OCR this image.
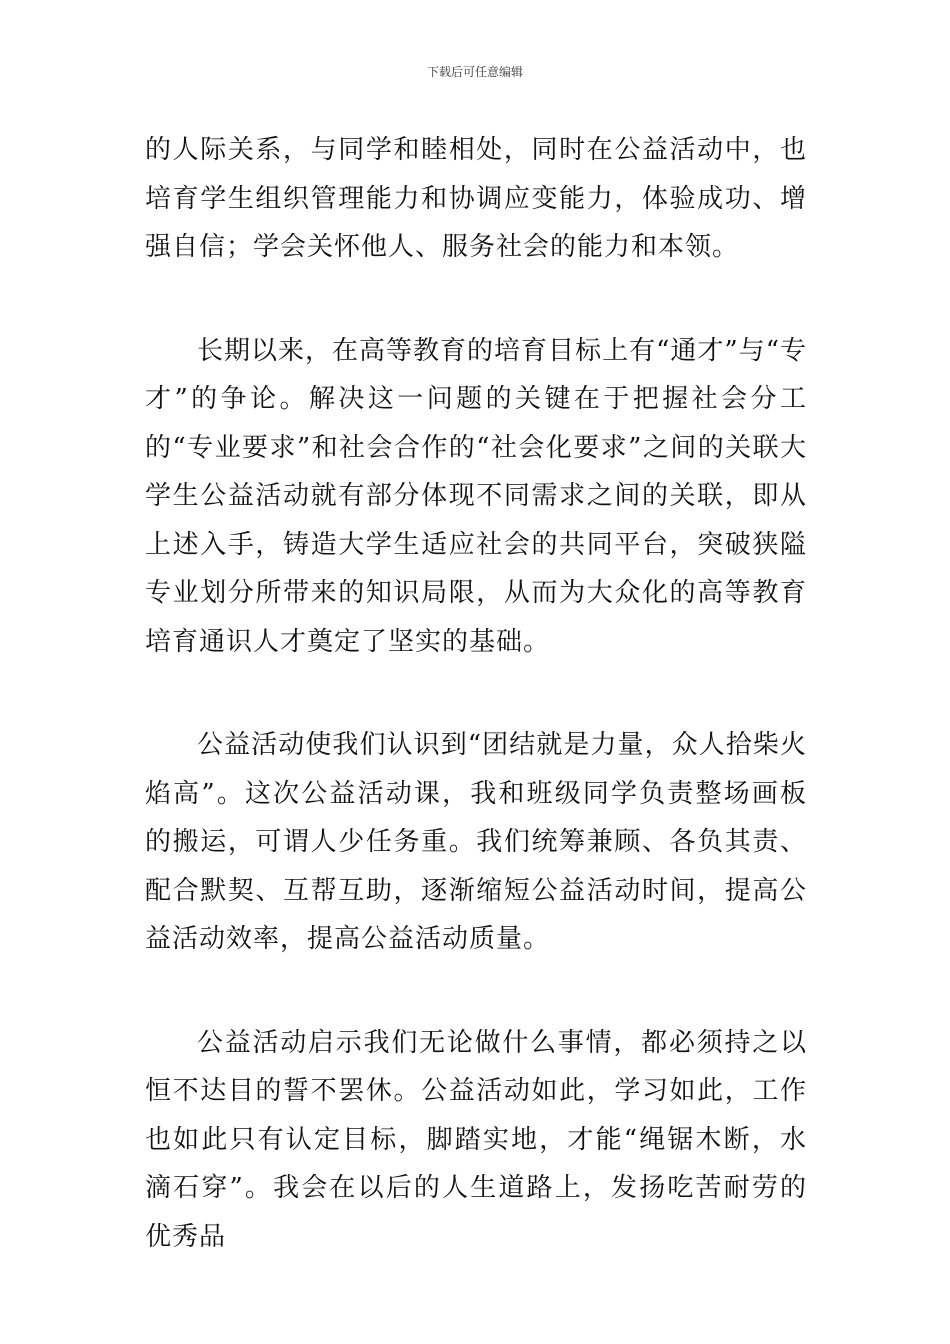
下载后可任意编辑

的人际关系，与同学和睦相处，同时在公益活动中，也培育学生组织管理能力和协调应变能力，体验成功、增强自信；学会关怀他人、服务社会的能力和本领。

长期以来，在高等教育的培育目标上有“通才”与“专才”的争论。解决这一问题的关键在于把握社会分工的“专业要求”和社会合作的“社会化要求”之间的关联大学生公益活动就有部分体现不同需求之间的关联，即从上述入手，铸造大学生适应社会的共同平台，突破狭隘专业划分所带来的知识局限，从而为大众化的高等教育培育通识人才奠定了坚实的基础。

公益活动使我们认识到“团结就是力量，众人拾柴火焰高”。这次公益活动课，我和班级同学负责整场画板的搬运，可谓人少任务重。我们统筹兼顾、各负其责、配合默契、互帮互助，逐渐缩短公益活动时间，提高公益活动效率，提高公益活动质量。

公益活动启示我们无论做什么事情，都必须持之以恒不达目的誓不罢休。公益活动如此，学习如此，工作也如此只有认定目标，脚踏实地，才能“绳锯木断，水滴石穿”。我会在以后的人生道路上，发扬吃苦耐劳的优秀品
